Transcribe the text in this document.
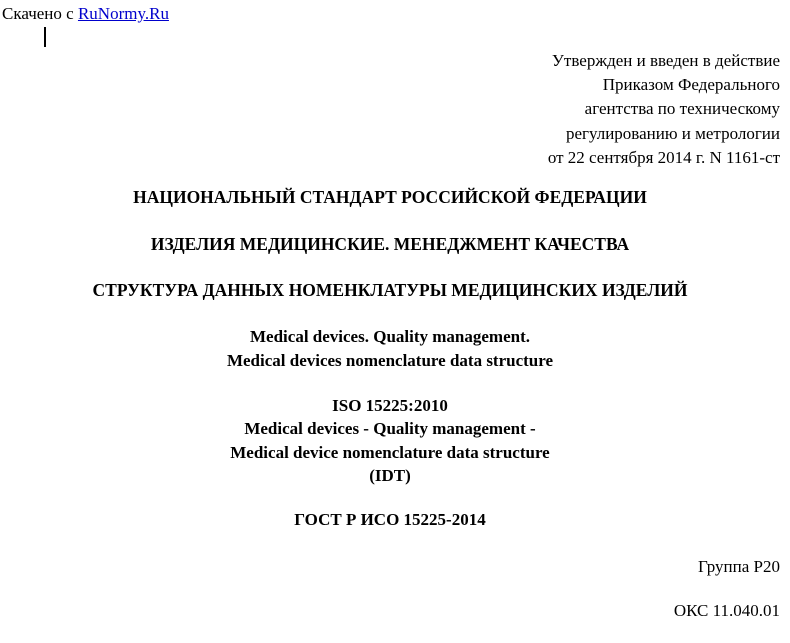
Скачено с RuNormy.Ru
Утвержден и введен в действие
Приказом Федерального
агентства по техническому
регулированию и метрологии
от 22 сентября 2014 г. N 1161-ст
НАЦИОНАЛЬНЫЙ СТАНДАРТ РОССИЙСКОЙ ФЕДЕРАЦИИ
ИЗДЕЛИЯ МЕДИЦИНСКИЕ. МЕНЕДЖМЕНТ КАЧЕСТВА
СТРУКТУРА ДАННЫХ НОМЕНКЛАТУРЫ МЕДИЦИНСКИХ ИЗДЕЛИЙ
Medical devices. Quality management.
Medical devices nomenclature data structure
ISO 15225:2010
Medical devices - Quality management -
Medical device nomenclature data structure
(IDT)
ГОСТ Р ИСО 15225-2014
Группа Р20
ОКС 11.040.01
